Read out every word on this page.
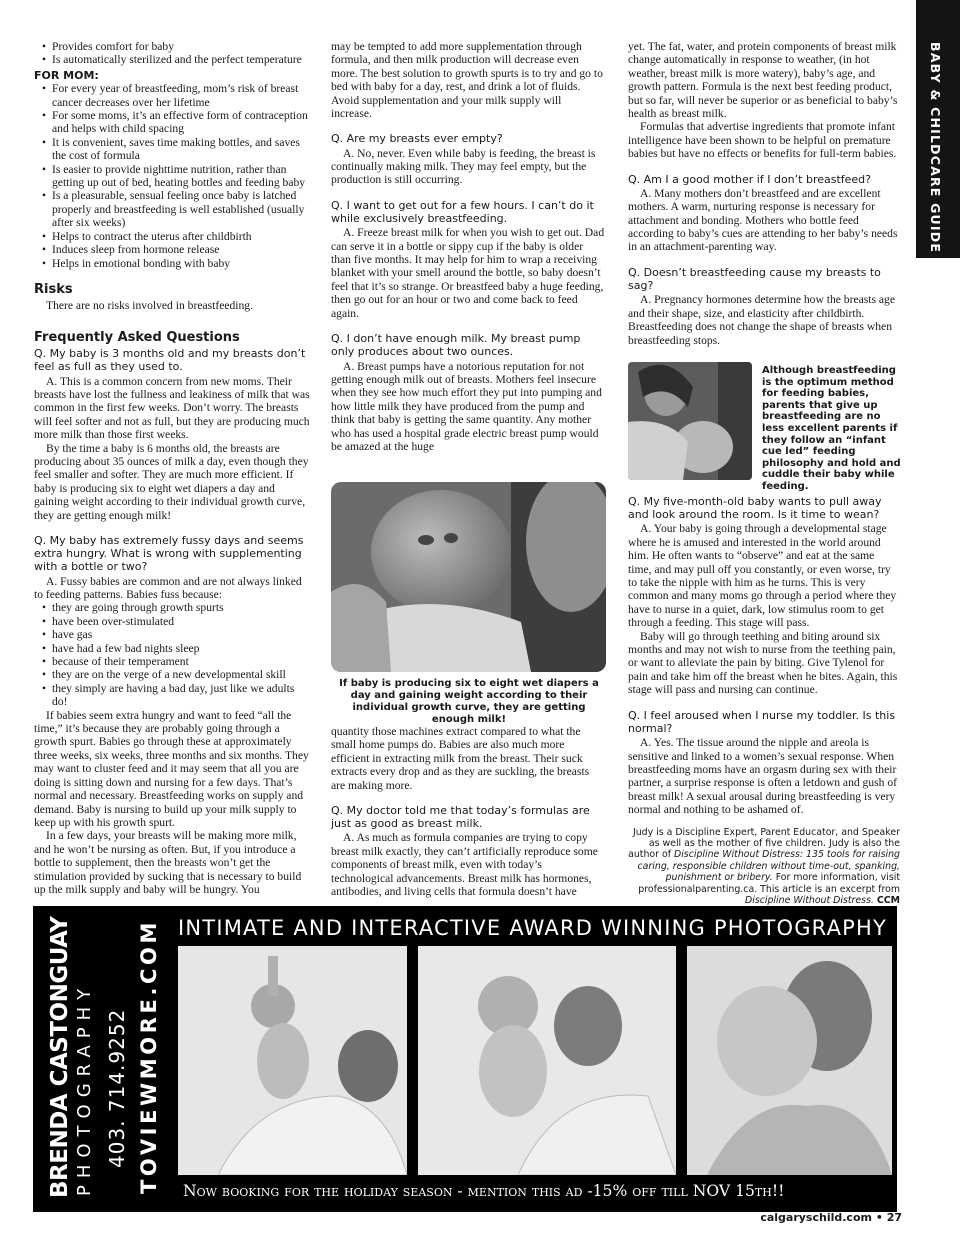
BABY & CHILDCARE GUIDE
• Provides comfort for baby
• Is automatically sterilized and the perfect temperature
FOR MOM:
• For every year of breastfeeding, mom’s risk of breast cancer decreases over her lifetime
• For some moms, it’s an effective form of contraception and helps with child spacing
• It is convenient, saves time making bottles, and saves the cost of formula
• Is easier to provide nighttime nutrition, rather than getting up out of bed, heating bottles and feeding baby
• Is a pleasurable, sensual feeling once baby is latched properly and breastfeeding is well established (usually after six weeks)
• Helps to contract the uterus after childbirth
• Induces sleep from hormone release
• Helps in emotional bonding with baby
Risks

There are no risks involved in breastfeeding.

Frequently Asked Questions

Q. My baby is 3 months old and my breasts don’t feel as full as they used to.

A. This is a common concern from new moms. Their breasts have lost the fullness and leakiness of milk that was common in the first few weeks. Don’t worry. The breasts will feel softer and not as full, but they are producing much more milk than those first weeks.

By the time a baby is 6 months old, the breasts are producing about 35 ounces of milk a day, even though they feel smaller and softer. They are much more efficient. If baby is producing six to eight wet diapers a day and gaining weight according to their individual growth curve, they are getting enough milk!

Q. My baby has extremely fussy days and seems extra hungry. What is wrong with supplementing with a bottle or two?

A. Fussy babies are common and are not always linked to feeding patterns. Babies fuss because:

• they are going through growth spurts
• have been over-stimulated
• have gas
• have had a few bad nights sleep
• because of their temperament
• they are on the verge of a new developmental skill
• they simply are having a bad day, just like we adults do!

If babies seem extra hungry and want to feed “all the time,” it’s because they are probably going through a growth spurt. Babies go through these at approximately three weeks, six weeks, three months and six months. They may want to cluster feed and it may seem that all you are doing is sitting down and nursing for a few days. That’s normal and necessary. Breastfeeding works on supply and demand. Baby is nursing to build up your milk supply to keep up with his growth spurt.

In a few days, your breasts will be making more milk, and he won’t be nursing as often. But, if you introduce a bottle to supplement, then the breasts won’t get the stimulation provided by sucking that is necessary to build up the milk supply and baby will be hungry. You

may be tempted to add more supplementation through formula, and then milk production will decrease even more. The best solution to growth spurts is to try and go to bed with baby for a day, rest, and drink a lot of fluids. Avoid supplementation and your milk supply will increase.

Q. Are my breasts ever empty?

A. No, never. Even while baby is feeding, the breast is continually making milk. They may feel empty, but the production is still occurring.

Q. I want to get out for a few hours. I can’t do it while exclusively breastfeeding.

A. Freeze breast milk for when you wish to get out. Dad can serve it in a bottle or sippy cup if the baby is older than five months. It may help for him to wrap a receiving blanket with your smell around the bottle, so baby doesn’t feel that it’s so strange. Or breastfeed baby a huge feeding, then go out for an hour or two and come back to feed again.

Q. I don’t have enough milk. My breast pump only produces about two ounces.

A. Breast pumps have a notorious reputation for not getting enough milk out of breasts. Mothers feel insecure when they see how much effort they put into pumping and how little milk they have produced from the pump and think that baby is getting the same quantity. Any mother who has used a hospital grade electric breast pump would be amazed at the huge

If baby is producing six to eight wet diapers a day and gaining weight according to their individual growth curve, they are getting enough milk!

quantity those machines extract compared to what the small home pumps do. Babies are also much more efficient in extracting milk from the breast. Their suck extracts every drop and as they are suckling, the breasts are making more.

Q. My doctor told me that today’s formulas are just as good as breast milk.

A. As much as formula companies are trying to copy breast milk exactly, they can’t artificially reproduce some components of breast milk, even with today’s technological advancements. Breast milk has hormones, antibodies, and living cells that formula doesn’t have

yet. The fat, water, and protein components of breast milk change automatically in response to weather, (in hot weather, breast milk is more watery), baby’s age, and growth pattern. Formula is the next best feeding product, but so far, will never be superior or as beneficial to baby’s health as breast milk.

Formulas that advertise ingredients that promote infant intelligence have been shown to be helpful on premature babies but have no effects or benefits for full-term babies.

Q. Am I a good mother if I don’t breastfeed?

A. Many mothers don’t breastfeed and are excellent mothers. A warm, nurturing response is necessary for attachment and bonding. Mothers who bottle feed according to baby’s cues are attending to her baby’s needs in an attachment-parenting way.

Q. Doesn’t breastfeeding cause my breasts to sag?

A. Pregnancy hormones determine how the breasts age and their shape, size, and elasticity after childbirth. Breastfeeding does not change the shape of breasts when breastfeeding stops.

Although breastfeeding is the optimum method for feeding babies, parents that give up breastfeeding are no less excellent parents if they follow an “infant cue led” feeding philosophy and hold and cuddle their baby while feeding.

Q. My five-month-old baby wants to pull away and look around the room. Is it time to wean?

A. Your baby is going through a developmental stage where he is amused and interested in the world around him. He often wants to “observe” and eat at the same time, and may pull off you constantly, or even worse, try to take the nipple with him as he turns. This is very common and many moms go through a period where they have to nurse in a quiet, dark, low stimulus room to get through a feeding. This stage will pass.

Baby will go through teething and biting around six months and may not wish to nurse from the teething pain, or want to alleviate the pain by biting. Give Tylenol for pain and take him off the breast when he bites. Again, this stage will pass and nursing can continue.

Q. I feel aroused when I nurse my toddler. Is this normal?

A. Yes. The tissue around the nipple and areola is sensitive and linked to a women’s sexual response. When breastfeeding moms have an orgasm during sex with their partner, a surprise response is often a letdown and gush of breast milk! A sexual arousal during breastfeeding is very normal and nothing to be ashamed of.

Judy is a Discipline Expert, Parent Educator, and Speaker as well as the mother of five children. Judy is also the author of Discipline Without Distress: 135 tools for raising caring, responsible children without time-out, spanking, punishment or bribery. For more information, visit professionalparenting.ca. This article is an excerpt from Discipline Without Distress. CCM
BRENDA CASTONGUAY PHOTOGRAPHY 403. 714.9252 TOVIEWMORE.COM INTIMATE AND INTERACTIVE AWARD WINNING PHOTOGRAPHY
Now booking for the holiday season - mention this ad -15% off till NOV 15th!!
calgaryschild.com • 27
